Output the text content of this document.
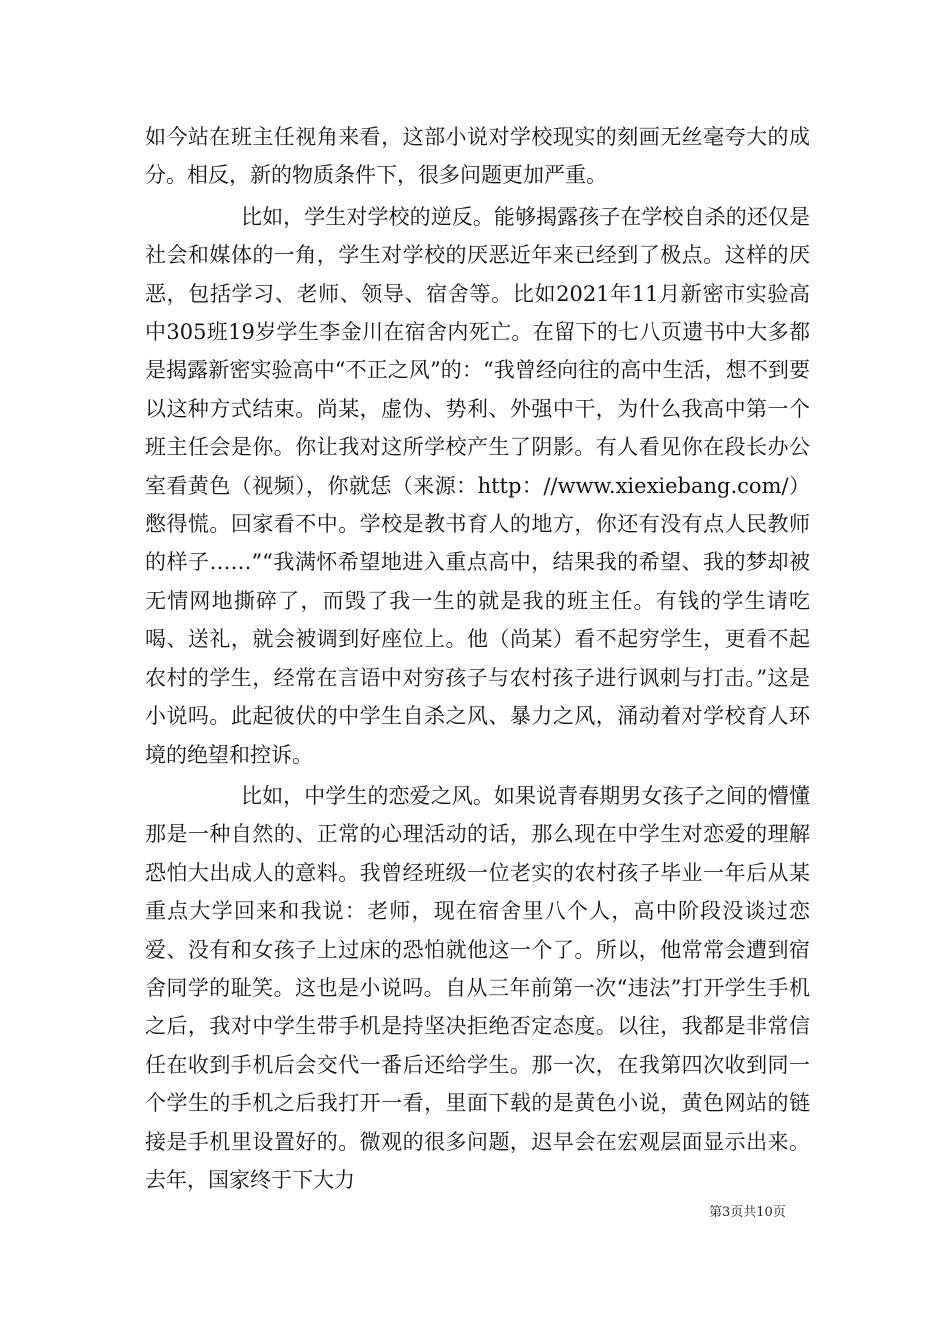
如今站在班主任视角来看，这部小说对学校现实的刻画无丝毫夸大的成分。相反，新的物质条件下，很多问题更加严重。

比如，学生对学校的逆反。能够揭露孩子在学校自杀的还仅是社会和媒体的一角，学生对学校的厌恶近年来已经到了极点。这样的厌恶，包括学习、老师、领导、宿舍等。比如2021年11月新密市实验高中305班19岁学生李金川在宿舍内死亡。在留下的七八页遗书中大多都是揭露新密实验高中“不正之风”的：“我曾经向往的高中生活，想不到要以这种方式结束。尚某，虚伪、势利、外强中干，为什么我高中第一个班主任会是你。你让我对这所学校产生了阴影。有人看见你在段长办公室看黄色（视频），你就恁（来源：http：//www.xiexiebang.com/）憋得慌。回家看不中。学校是教书育人的地方，你还有没有点人民教师的样子……”“我满怀希望地进入重点高中，结果我的希望、我的梦却被无情网地撕碎了，而毁了我一生的就是我的班主任。有钱的学生请吃喝、送礼，就会被调到好座位上。他（尚某）看不起穷学生，更看不起农村的学生，经常在言语中对穷孩子与农村孩子进行讽刺与打击。”这是小说吗。此起彼伏的中学生自杀之风、暴力之风，涌动着对学校育人环境的绝望和控诉。

比如，中学生的恋爱之风。如果说青春期男女孩子之间的懵懂那是一种自然的、正常的心理活动的话，那么现在中学生对恋爱的理解恐怕大出成人的意料。我曾经班级一位老实的农村孩子毕业一年后从某重点大学回来和我说：老师，现在宿舍里八个人，高中阶段没谈过恋爱、没有和女孩子上过床的恐怕就他这一个了。所以，他常常会遭到宿舍同学的耻笑。这也是小说吗。自从三年前第一次“违法”打开学生手机之后，我对中学生带手机是持坚决拒绝否定态度。以往，我都是非常信任在收到手机后会交代一番后还给学生。那一次，在我第四次收到同一个学生的手机之后我打开一看，里面下载的是黄色小说，黄色网站的链接是手机里设置好的。微观的很多问题，迟早会在宏观层面显示出来。去年，国家终于下大力

第3页共10页
